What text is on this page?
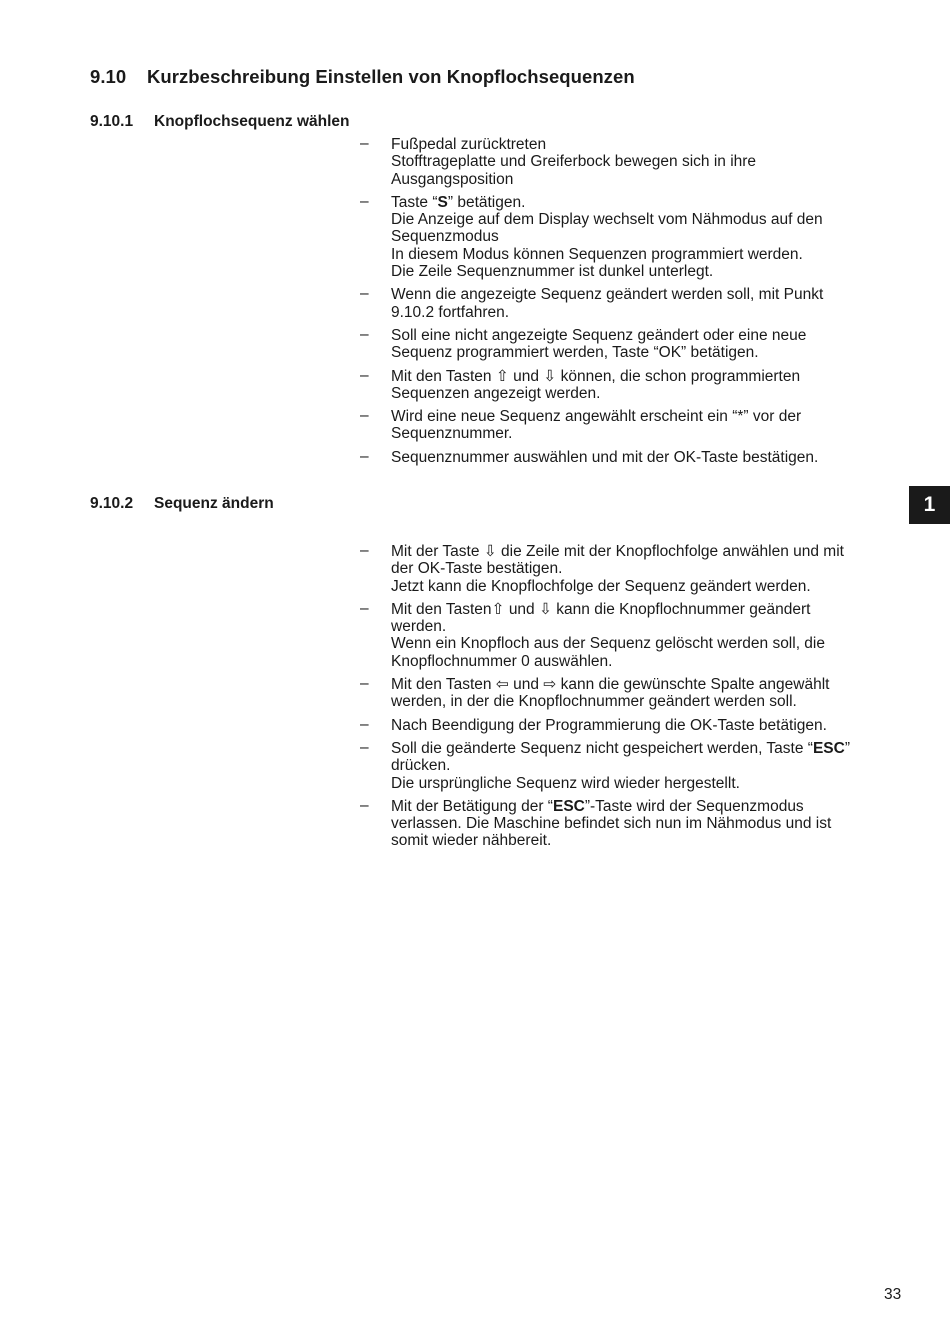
9.10 Kurzbeschreibung Einstellen von Knopflochsequenzen
9.10.1 Knopflochsequenz wählen
– Fußpedal zurücktreten
Stofftrageplatte und Greiferbock bewegen sich in ihre
Ausgangsposition
– Taste “S” betätigen.
Die Anzeige auf dem Display wechselt vom Nähmodus auf den
Sequenzmodus
In diesem Modus können Sequenzen programmiert werden.
Die Zeile Sequenznummer ist dunkel unterlegt.
– Wenn die angezeigte Sequenz geändert werden soll, mit Punkt
9.10.2 fortfahren.
– Soll eine nicht angezeigte Sequenz geändert oder eine neue
Sequenz programmiert werden, Taste “OK” betätigen.
– Mit den Tasten ⇧ und ⇩ können, die schon programmierten
Sequenzen angezeigt werden.
– Wird eine neue Sequenz angewählt erscheint ein “*” vor der
Sequenznummer.
– Sequenznummer auswählen und mit der OK-Taste bestätigen.
9.10.2 Sequenz ändern
– Mit der Taste ⇩ die Zeile mit der Knopflochfolge anwählen und mit
der OK-Taste bestätigen.
Jetzt kann die Knopflochfolge der Sequenz geändert werden.
– Mit den Tasten⇧ und ⇩ kann die Knopflochnummer geändert
werden.
Wenn ein Knopfloch aus der Sequenz gelöscht werden soll, die
Knopflochnummer 0 auswählen.
– Mit den Tasten ⇦ und ⇨ kann die gewünschte Spalte angewählt
werden, in der die Knopflochnummer geändert werden soll.
– Nach Beendigung der Programmierung die OK-Taste betätigen.
– Soll die geänderte Sequenz nicht gespeichert werden, Taste “ESC”
drücken.
Die ursprüngliche Sequenz wird wieder hergestellt.
– Mit der Betätigung der “ESC”-Taste wird der Sequenzmodus
verlassen. Die Maschine befindet sich nun im Nähmodus und ist
somit wieder nähbereit.
1
33
